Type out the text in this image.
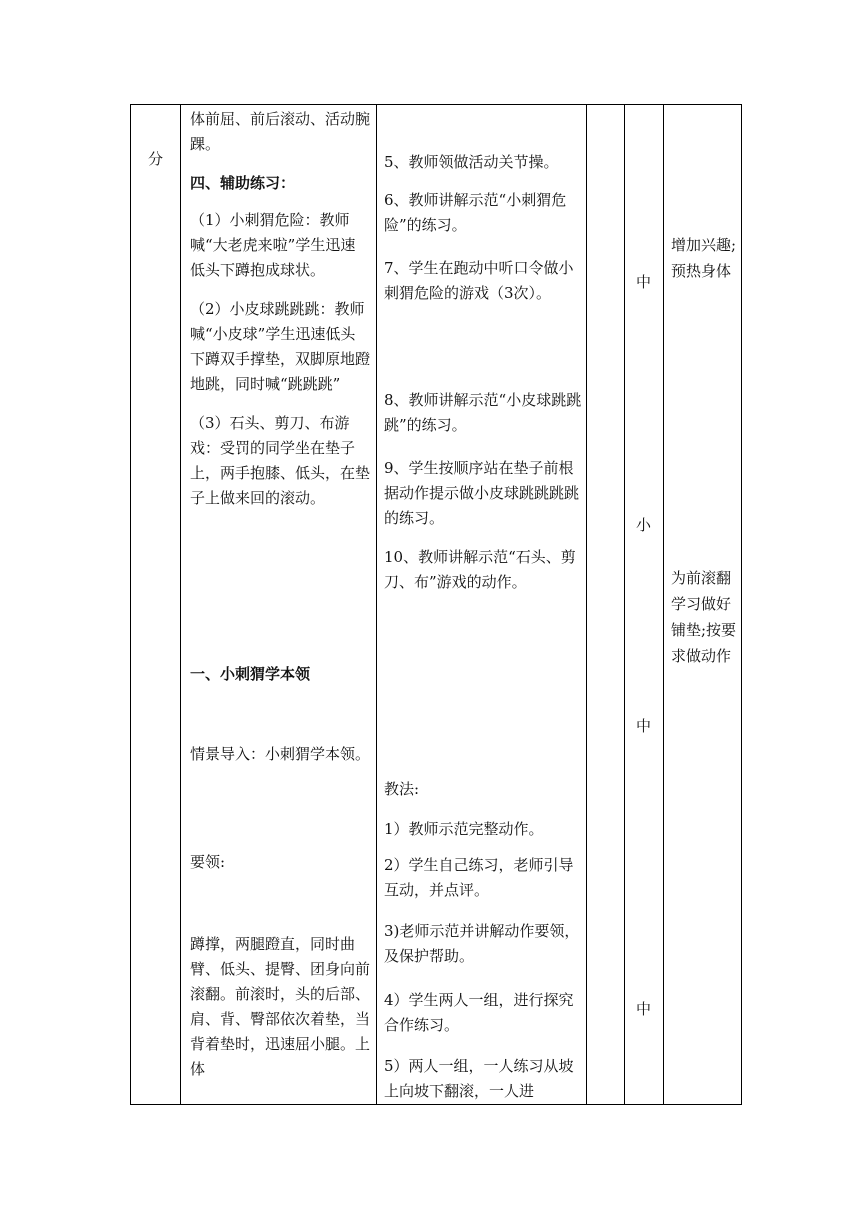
分
体前屈、前后滚动、活动腕踝。
四、辅助练习：
（1）小刺猬危险：教师喊“大老虎来啦”学生迅速低头下蹲抱成球状。
（2）小皮球跳跳跳：教师喊“小皮球”学生迅速低头下蹲双手撑垫，双脚原地蹬地跳，同时喊“跳跳跳”
（3）石头、剪刀、布游戏：受罚的同学坐在垫子上，两手抱膝、低头，在垫子上做来回的滚动。
一、小刺猬学本领
情景导入：小刺猬学本领。
要领:
蹲撑，两腿蹬直，同时曲臂、低头、提臀、团身向前滚翻。前滚时，头的后部、肩、背、臀部依次着垫，当背着垫时，迅速屈小腿。上体
5、教师领做活动关节操。
6、教师讲解示范“小刺猬危险”的练习。
7、学生在跑动中听口令做小刺猬危险的游戏（3次）。
8、教师讲解示范“小皮球跳跳跳”的练习。
9、学生按顺序站在垫子前根据动作提示做小皮球跳跳跳跳的练习。
10、教师讲解示范“石头、剪刀、布”游戏的动作。
教法:
1）教师示范完整动作。
2）学生自己练习，老师引导互动，并点评。
3)老师示范并讲解动作要领，及保护帮助。
4）学生两人一组，进行探究合作练习。
5）两人一组，一人练习从坡上向坡下翻滚，一人进
中
小
中
中
增加兴趣;预热身体
为前滚翻学习做好铺垫;按要求做动作
